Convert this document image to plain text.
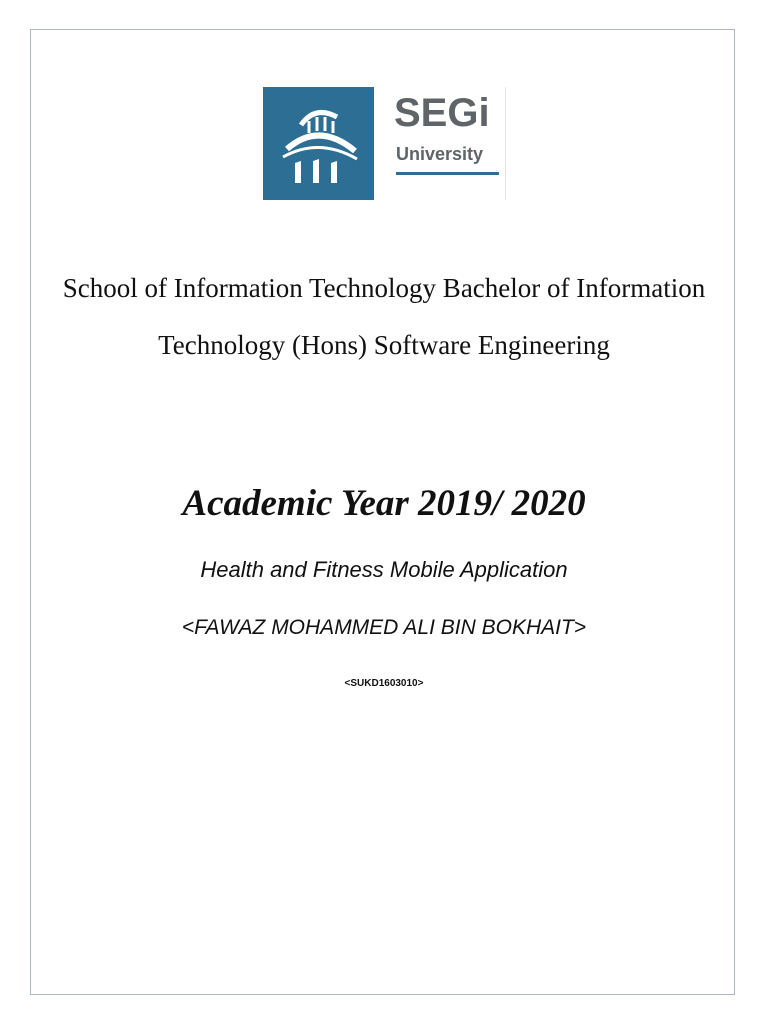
SEGi
University
School of Information Technology Bachelor of Information Technology (Hons) Software Engineering
Academic Year 2019/ 2020
Health and Fitness Mobile Application
<FAWAZ MOHAMMED ALI BIN BOKHAIT>
<SUKD1603010>
